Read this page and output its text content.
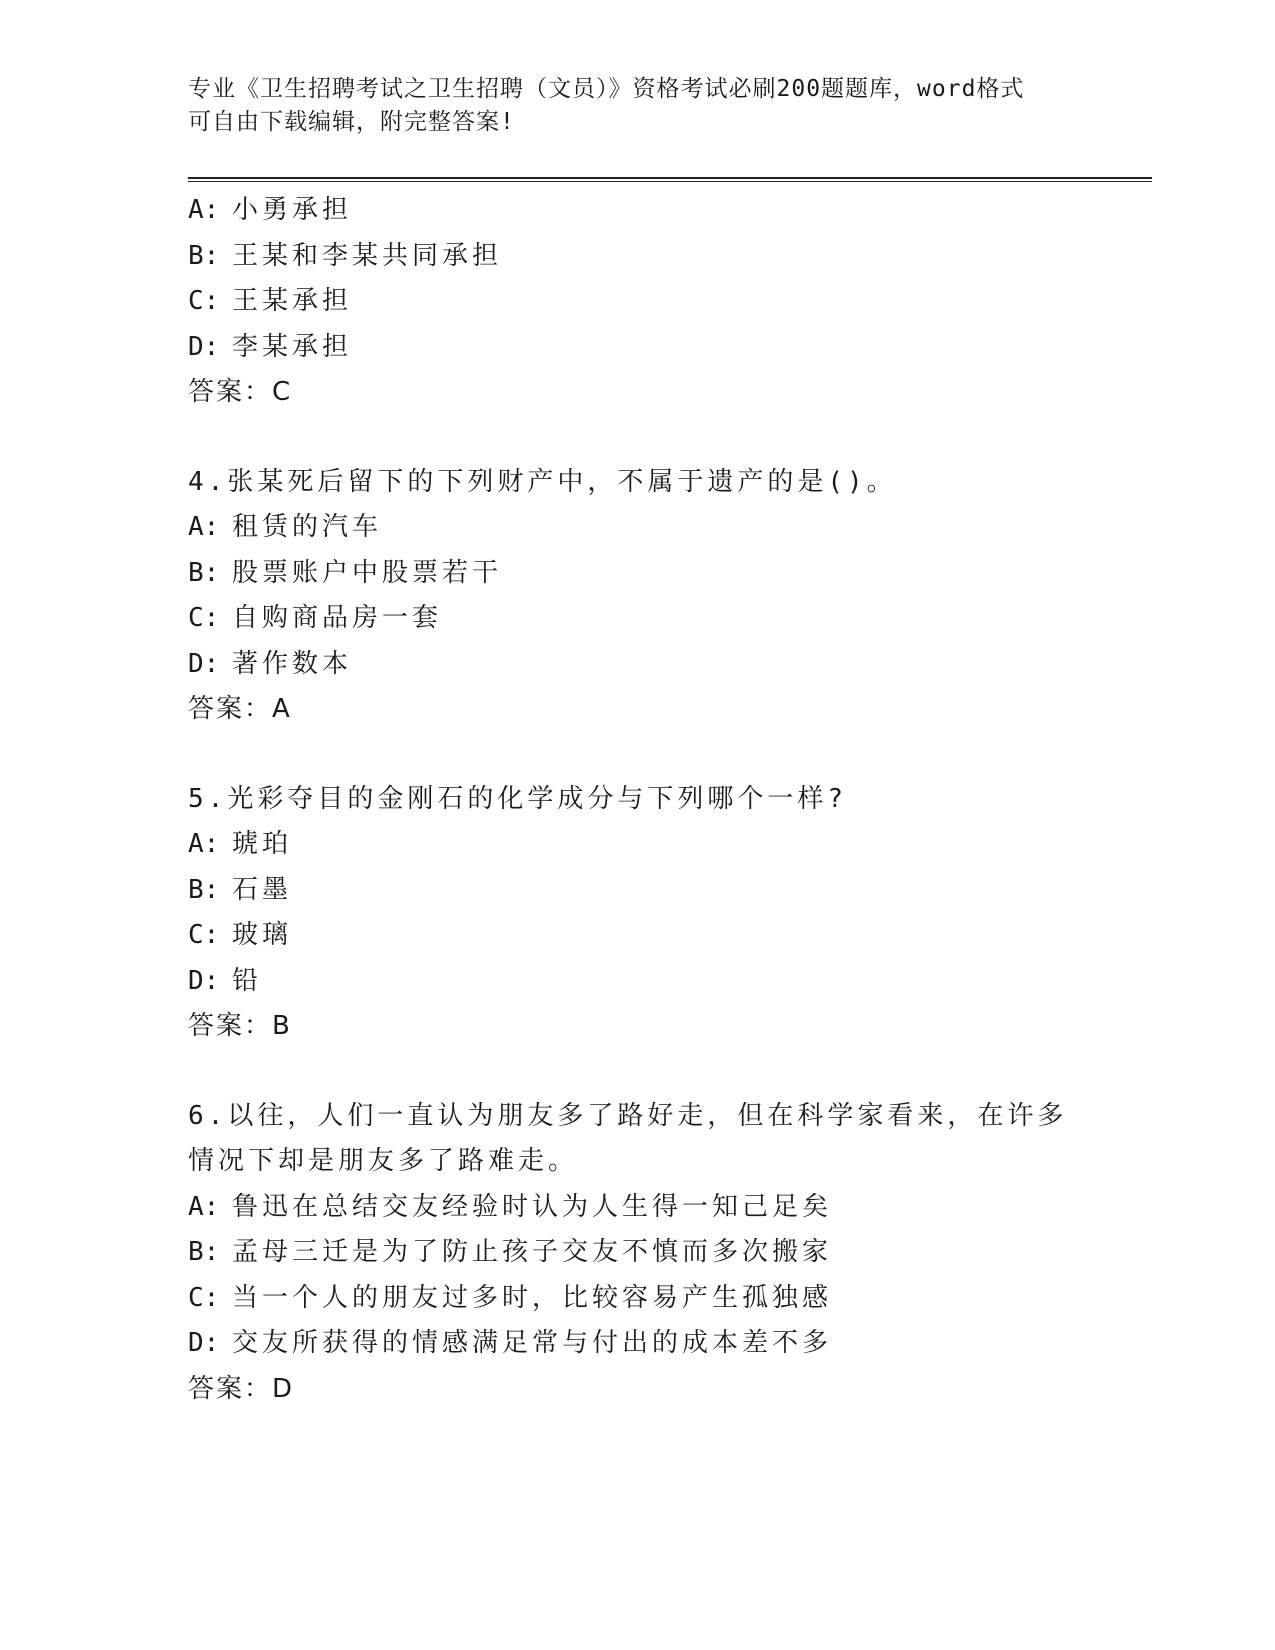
专业《卫生招聘考试之卫生招聘（文员）》资格考试必刷200题题库，word格式
可自由下载编辑，附完整答案!
A: 小勇承担
B: 王某和李某共同承担
C: 王某承担
D: 李某承担
答案：C
4.张某死后留下的下列财产中，不属于遗产的是()。
A: 租赁的汽车
B: 股票账户中股票若干
C: 自购商品房一套
D: 著作数本
答案：A
5.光彩夺目的金刚石的化学成分与下列哪个一样?
A: 琥珀
B: 石墨
C: 玻璃
D: 铅
答案：B
6.以往，人们一直认为朋友多了路好走，但在科学家看来，在许多情况下却是朋友多了路难走。
A: 鲁迅在总结交友经验时认为人生得一知己足矣
B: 孟母三迁是为了防止孩子交友不慎而多次搬家
C: 当一个人的朋友过多时，比较容易产生孤独感
D: 交友所获得的情感满足常与付出的成本差不多
答案：D
